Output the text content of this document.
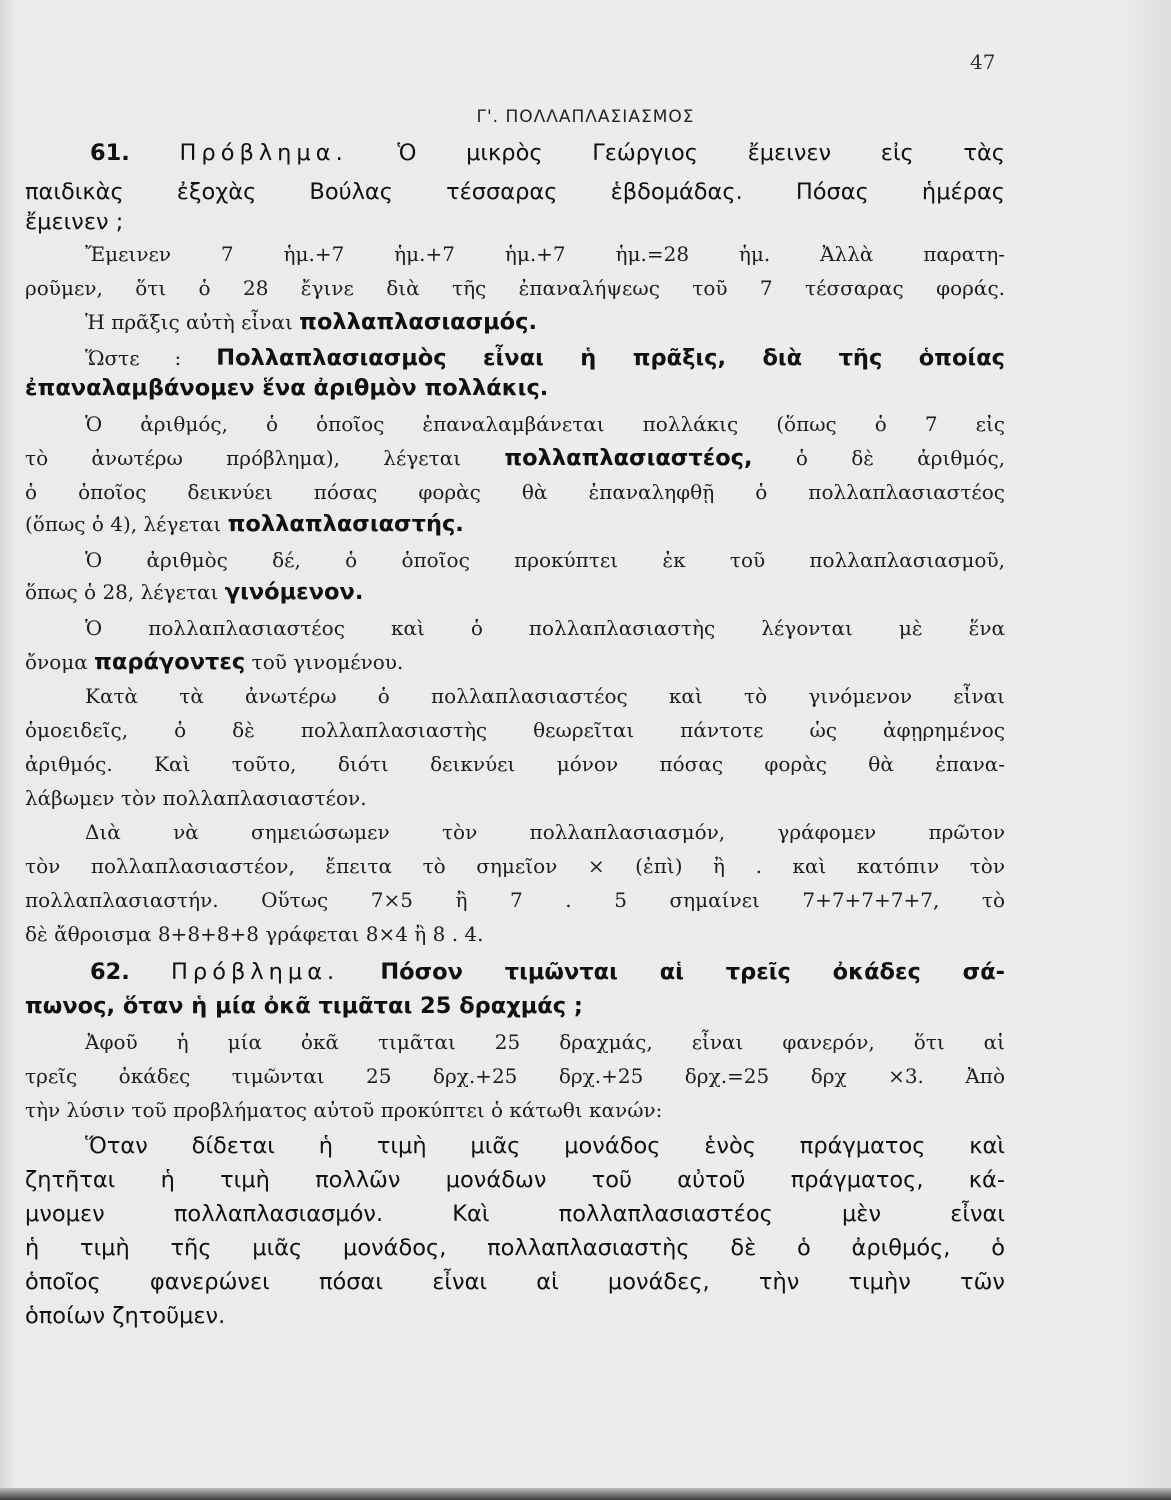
47
Γ'. ΠΟΛΛΑΠΛΑΣΙΑΣΜΟΣ
61. Πρόβλημα. Ὁ μικρὸς Γεώργιος ἔμεινεν εἰς τὰς
παιδικὰς ἐξοχὰς Βούλας τέσσαρας ἑβδομάδας. Πόσας ἡμέρας
ἔμεινεν ;
Ἔμεινεν 7 ἡμ.+7 ἡμ.+7 ἡμ.+7 ἡμ.=28 ἡμ. Ἀλλὰ παρατη-
ροῦμεν, ὅτι ὁ 28 ἔγινε διὰ τῆς ἐπαναλήψεως τοῦ 7 τέσσαρας φοράς.
Ἡ πρᾶξις αὐτὴ εἶναι πολλαπλασιασμός.
Ὥστε : Πολλαπλασιασμὸς εἶναι ἡ πρᾶξις, διὰ τῆς ὁποίας
ἐπαναλαμβάνομεν ἕνα ἀριθμὸν πολλάκις.
Ὁ ἀριθμός, ὁ ὁποῖος ἐπαναλαμβάνεται πολλάκις (ὅπως ὁ 7 εἰς
τὸ ἀνωτέρω πρόβλημα), λέγεται πολλαπλασιαστέος, ὁ δὲ ἀριθμός,
ὁ ὁποῖος δεικνύει πόσας φορὰς θὰ ἐπαναληφθῇ ὁ πολλαπλασιαστέος
(ὅπως ὁ 4), λέγεται πολλαπλασιαστής.
Ὁ ἀριθμὸς δέ, ὁ ὁποῖος προκύπτει ἐκ τοῦ πολλαπλασιασμοῦ,
ὅπως ὁ 28, λέγεται γινόμενον.
Ὁ πολλαπλασιαστέος καὶ ὁ πολλαπλασιαστὴς λέγονται μὲ ἕνα
ὄνομα παράγοντες τοῦ γινομένου.
Κατὰ τὰ ἀνωτέρω ὁ πολλαπλασιαστέος καὶ τὸ γινόμενον εἶναι
ὁμοειδεῖς, ὁ δὲ πολλαπλασιαστὴς θεωρεῖται πάντοτε ὡς ἀφῃρημένος
ἀριθμός. Καὶ τοῦτο, διότι δεικνύει μόνον πόσας φορὰς θὰ ἐπανα-
λάβωμεν τὸν πολλαπλασιαστέον.
Διὰ νὰ σημειώσωμεν τὸν πολλαπλασιασμόν, γράφομεν πρῶτον
τὸν πολλαπλασιαστέον, ἔπειτα τὸ σημεῖον × (ἐπὶ) ἢ . καὶ κατόπιν τὸν
πολλαπλασιαστήν. Οὕτως 7×5 ἢ 7 . 5 σημαίνει 7+7+7+7+7, τὸ
δὲ ἄθροισμα 8+8+8+8 γράφεται 8×4 ἢ 8 . 4.
62. Πρόβλημα. Πόσον τιμῶνται αἱ τρεῖς ὀκάδες σά-
πωνος, ὅταν ἡ μία ὀκᾶ τιμᾶται 25 δραχμάς ;
Ἀφοῦ ἡ μία ὀκᾶ τιμᾶται 25 δραχμάς, εἶναι φανερόν, ὅτι αἱ
τρεῖς ὀκάδες τιμῶνται 25 δρχ.+25 δρχ.+25 δρχ.=25 δρχ ×3. Ἀπὸ
τὴν λύσιν τοῦ προβλήματος αὐτοῦ προκύπτει ὁ κάτωθι κανών:
Ὅταν δίδεται ἡ τιμὴ μιᾶς μονάδος ἑνὸς πράγματος καὶ
ζητῆται ἡ τιμὴ πολλῶν μονάδων τοῦ αὐτοῦ πράγματος, κά-
μνομεν πολλαπλασιασμόν. Καὶ πολλαπλασιαστέος μὲν εἶναι
ἡ τιμὴ τῆς μιᾶς μονάδος, πολλαπλασιαστὴς δὲ ὁ ἀριθμός, ὁ
ὁποῖος φανερώνει πόσαι εἶναι αἱ μονάδες, τὴν τιμὴν τῶν
ὁποίων ζητοῦμεν.
